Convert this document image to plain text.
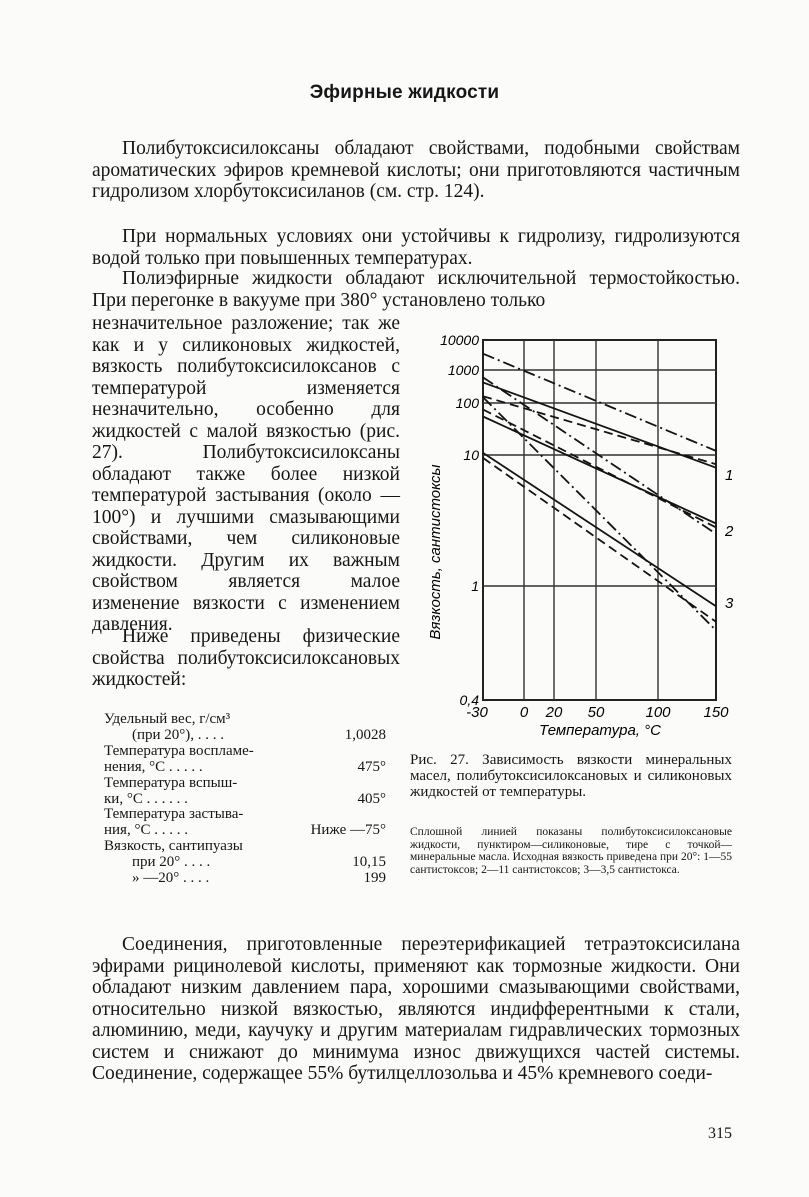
Эфирные жидкости

Полибутоксисилоксаны обладают свойствами, подобными свойствам ароматических эфиров кремневой кислоты; они приготовляются частичным гидролизом хлорбутоксисиланов (см. стр. 124).

При нормальных условиях они устойчивы к гидролизу, гидролизуются водой только при повышенных температурах.

Полиэфирные жидкости обладают исключительной термостойкостью. При перегонке в вакууме при 380° установлено только

незначительное разложение; так же как и у силиконовых жидкостей, вязкость полибутоксисилоксанов с температурой изменяется незначительно, особенно для жидкостей с малой вязкостью (рис. 27). Полибутоксисилоксаны обладают также более низкой температурой застывания (около —100°) и лучшими смазывающими свойствами, чем силиконовые жидкости. Другим их важным свойством является малое изменение вязкости с изменением давления.

Ниже приведены физические свойства полибутоксисилоксановых жидкостей:

Удельный вес, г/см³
(при 20°), . . . .	1,0028
Температура воспламе-
нения, °С . . . . .	475°
Температура вспыш-
ки, °С . . . . . .	405°
Температура застыва-
ния, °С . . . . .	Ниже —75°
Вязкость, сантипуазы
при 20° . . . .	10,15
» —20° . . . .	199
1
2
3
-30 0 20 50	100 150
10000
1000
100
10
1
0,4
Вязкость, сантистоксы
Температура, °С
Рис. 27. Зависимость вязкости минеральных масел, полибутоксисилоксановых и силиконовых жидкостей от температуры.
Сплошной линией показаны полибутоксисилоксановые жидкости, пунктиром—силиконовые, тире с точкой—минеральные масла. Исходная вязкость приведена при 20°: 1—55 сантистоксов; 2—11 сантистоксов; 3—3,5 сантистокса.

Соединения, приготовленные переэтерификацией тетраэтоксисилана эфирами рицинолевой кислоты, применяют как тормозные жидкости. Они обладают низким давлением пара, хорошими смазывающими свойствами, относительно низкой вязкостью, являются индифферентными к стали, алюминию, меди, каучуку и другим материалам гидравлических тормозных систем и снижают до минимума износ движущихся частей системы. Соединение, содержащее 55% бутилцеллозольва и 45% кремневого соеди-

315
